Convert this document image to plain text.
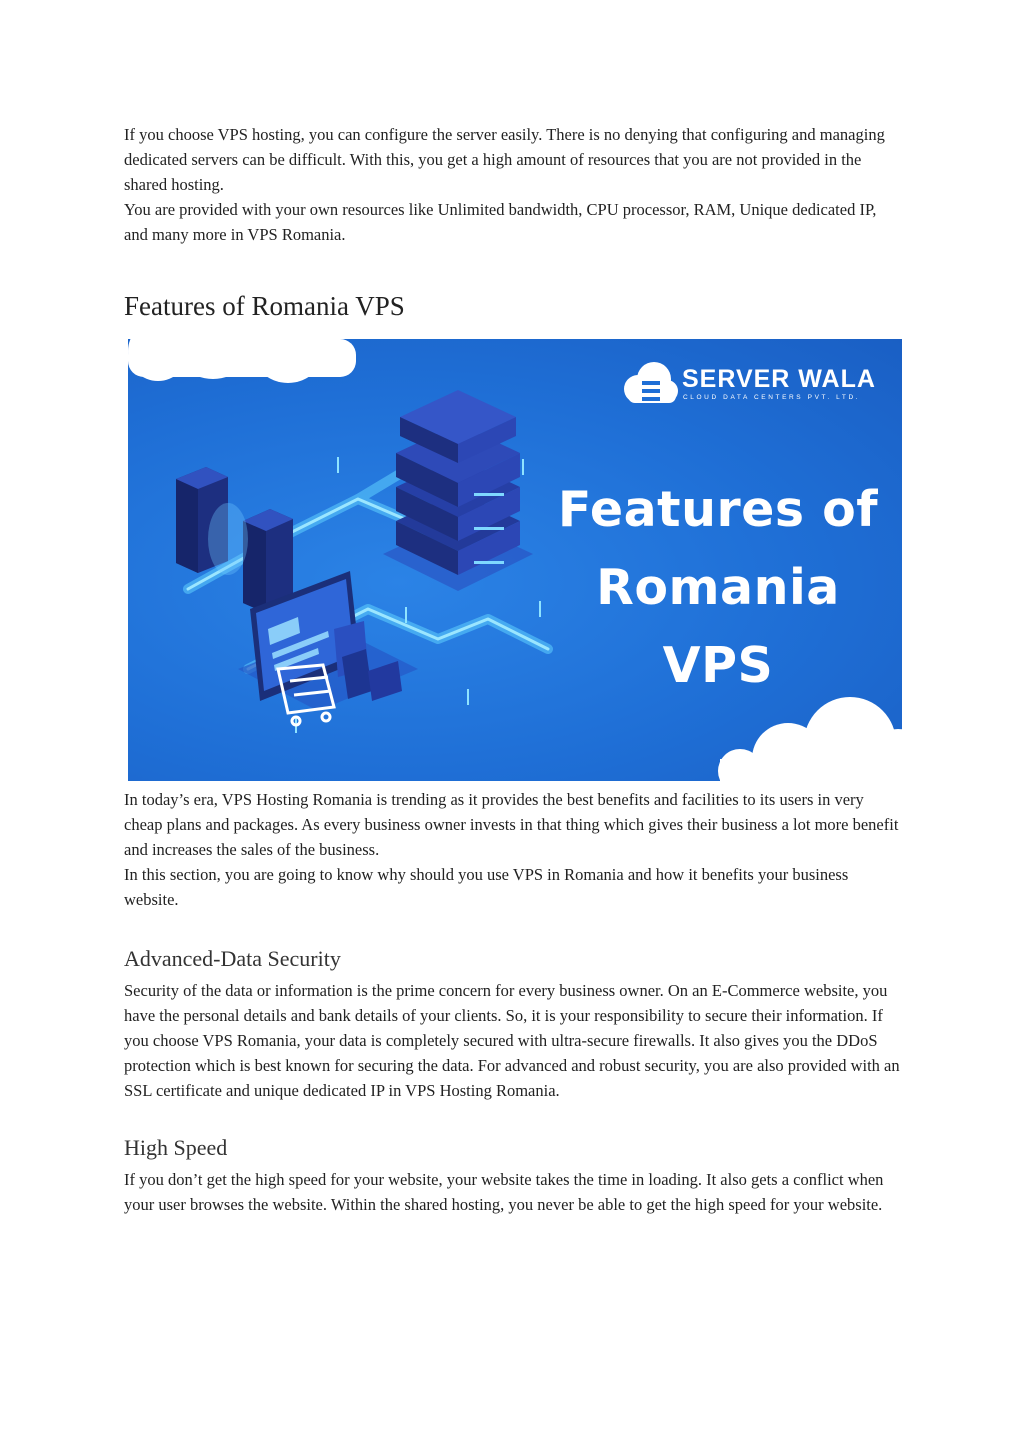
If you choose VPS hosting, you can configure the server easily. There is no denying that configuring and managing dedicated servers can be difficult. With this, you get a high amount of resources that you are not provided in the shared hosting.

You are provided with your own resources like Unlimited bandwidth, CPU processor, RAM, Unique dedicated IP, and many more in VPS Romania.

Features of Romania VPS
SERVER WALA
CLOUD DATA CENTERS PVT. LTD.
Features of
Romania
VPS

In today’s era, VPS Hosting Romania is trending as it provides the best benefits and facilities to its users in very cheap plans and packages. As every business owner invests in that thing which gives their business a lot more benefit and increases the sales of the business.

In this section, you are going to know why should you use VPS in Romania and how it benefits your business website.

Advanced-Data Security

Security of the data or information is the prime concern for every business owner. On an E-Commerce website, you have the personal details and bank details of your clients. So, it is your responsibility to secure their information. If you choose VPS Romania, your data is completely secured with ultra-secure firewalls. It also gives you the DDoS protection which is best known for securing the data. For advanced and robust security, you are also provided with an SSL certificate and unique dedicated IP in VPS Hosting Romania.

High Speed

If you don’t get the high speed for your website, your website takes the time in loading. It also gets a conflict when your user browses the website. Within the shared hosting, you never be able to get the high speed for your website.
